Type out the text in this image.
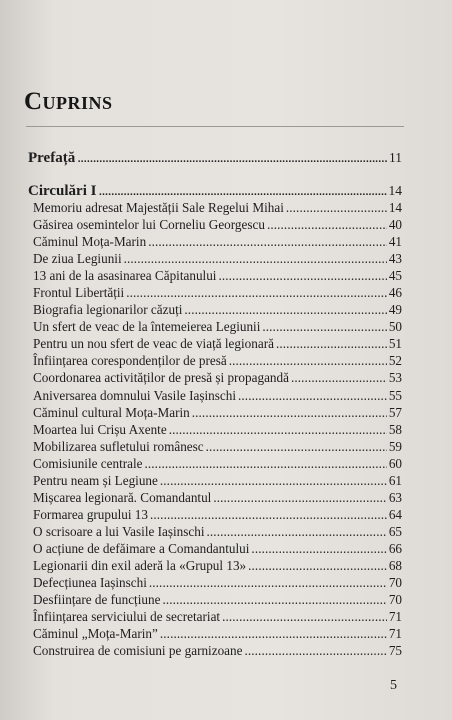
Cuprins
Prefață . . .	11
Circulări I . . .	14
Memoriu adresat Majestății Sale Regelui Mihai . . .	14
Găsirea osemintelor lui Corneliu Georgescu . . .	40
Căminul Moța-Marin . . .	41
De ziua Legiunii . . .	43
13 ani de la asasinarea Căpitanului . . .	45
Frontul Libertății . . .	46
Biografia legionarilor căzuți . . .	49
Un sfert de veac de la întemeierea Legiunii . . .	50
Pentru un nou sfert de veac de viață legionară . . .	51
Înființarea corespondenților de presă . . .	52
Coordonarea activităților de presă și propagandă . . .	53
Aniversarea domnului Vasile Iașinschi . . .	55
Căminul cultural Moța-Marin . . .	57
Moartea lui Crișu Axente . . .	58
Mobilizarea sufletului românesc . . .	59
Comisiunile centrale . . .	60
Pentru neam și Legiune . . .	61
Mișcarea legionară. Comandantul . . .	63
Formarea grupului 13 . . .	64
O scrisoare a lui Vasile Iașinschi . . .	65
O acțiune de defăimare a Comandantului . . .	66
Legionarii din exil aderă la «Grupul 13» . . .	68
Defecțiunea Iașinschi . . .	70
Desființare de funcțiune . . .	70
Înființarea serviciului de secretariat . . .	71
Căminul „Moța-Marin” . . .	71
Construirea de comisiuni pe garnizoane . . .	75
5
